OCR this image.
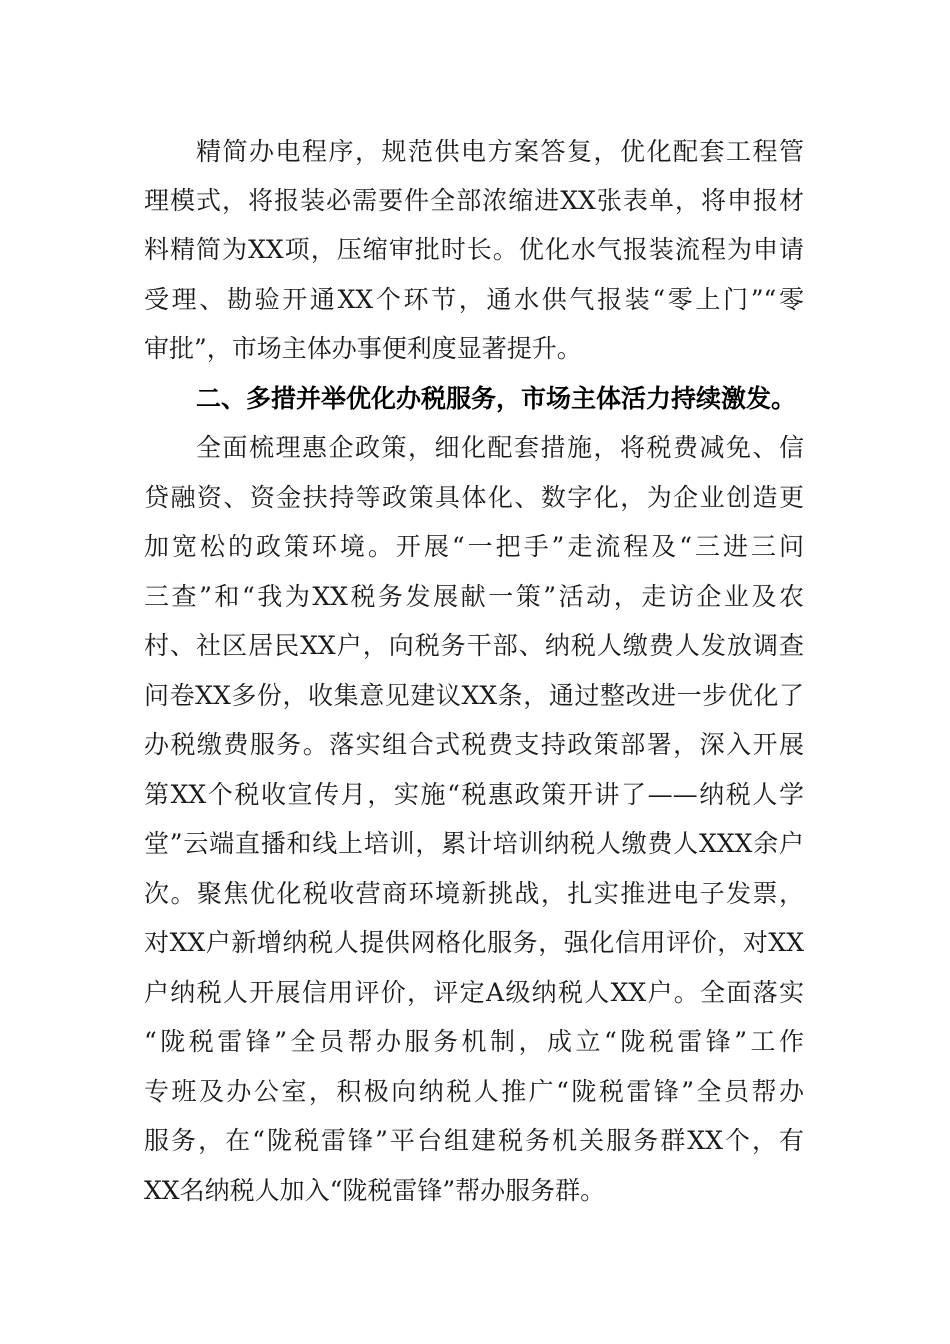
精简办电程序，规范供电方案答复，优化配套工程管
理模式，将报装必需要件全部浓缩进XX张表单，将申报材
料精简为XX项，压缩审批时长。优化水气报装流程为申请
受理、勘验开通XX个环节，通水供气报装“零上门”“零
审批”，市场主体办事便利度显著提升。
二、多措并举优化办税服务，市场主体活力持续激发。
全面梳理惠企政策，细化配套措施，将税费减免、信
贷融资、资金扶持等政策具体化、数字化，为企业创造更
加宽松的政策环境。开展“一把手”走流程及“三进三问
三查”和“我为XX税务发展献一策”活动，走访企业及农
村、社区居民XX户，向税务干部、纳税人缴费人发放调查
问卷XX多份，收集意见建议XX条，通过整改进一步优化了
办税缴费服务。落实组合式税费支持政策部署，深入开展
第XX个税收宣传月，实施“税惠政策开讲了——纳税人学
堂”云端直播和线上培训，累计培训纳税人缴费人XXX余户
次。聚焦优化税收营商环境新挑战，扎实推进电子发票，
对XX户新增纳税人提供网格化服务，强化信用评价，对XX
户纳税人开展信用评价，评定A级纳税人XX户。全面落实
“陇税雷锋”全员帮办服务机制，成立“陇税雷锋”工作
专班及办公室，积极向纳税人推广“陇税雷锋”全员帮办
服务，在“陇税雷锋”平台组建税务机关服务群XX个，有
XX名纳税人加入“陇税雷锋”帮办服务群。
